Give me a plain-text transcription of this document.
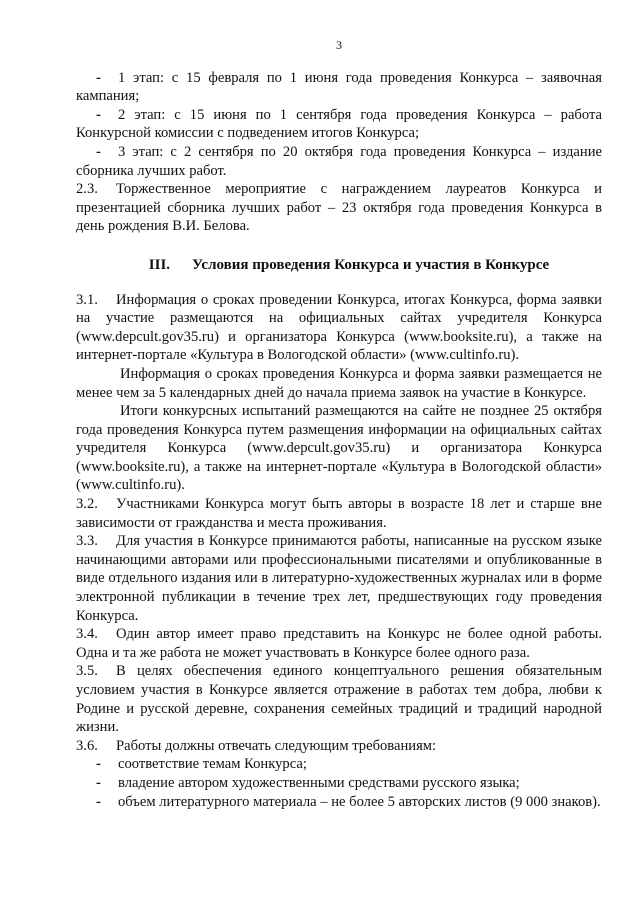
3

- 1 этап: с 15 февраля по 1 июня года проведения Конкурса – заявочная кампания;

- 2 этап: с 15 июня по 1 сентября года проведения Конкурса – работа Конкурсной комиссии с подведением итогов Конкурса;

- 3 этап: с 2 сентября по 20 октября года проведения Конкурса – издание сборника лучших работ.

2.3. Торжественное мероприятие с награждением лауреатов Конкурса и презентацией сборника лучших работ – 23 октября года проведения Конкурса в день рождения В.И. Белова.

III. Условия проведения Конкурса и участия в Конкурсе

3.1. Информация о сроках проведении Конкурса, итогах Конкурса, форма заявки на участие размещаются на официальных сайтах учредителя Конкурса (www.depcult.gov35.ru) и организатора Конкурса (www.booksite.ru), а также на интернет-портале «Культура в Вологодской области» (www.cultinfo.ru).

Информация о сроках проведения Конкурса и форма заявки размещается не менее чем за 5 календарных дней до начала приема заявок на участие в Конкурсе.

Итоги конкурсных испытаний размещаются на сайте не позднее 25 октября года проведения Конкурса путем размещения информации на официальных сайтах учредителя Конкурса (www.depcult.gov35.ru) и организатора Конкурса (www.booksite.ru), а также на интернет-портале «Культура в Вологодской области» (www.cultinfo.ru).

3.2. Участниками Конкурса могут быть авторы в возрасте 18 лет и старше вне зависимости от гражданства и места проживания.

3.3. Для участия в Конкурсе принимаются работы, написанные на русском языке начинающими авторами или профессиональными писателями и опубликованные в виде отдельного издания или в литературно-художественных журналах или в форме электронной публикации в течение трех лет, предшествующих году проведения Конкурса.

3.4. Один автор имеет право представить на Конкурс не более одной работы. Одна и та же работа не может участвовать в Конкурсе более одного раза.

3.5. В целях обеспечения единого концептуального решения обязательным условием участия в Конкурсе является отражение в работах тем добра, любви к Родине и русской деревне, сохранения семейных традиций и традиций народной жизни.

3.6. Работы должны отвечать следующим требованиям:

- соответствие темам Конкурса;

- владение автором художественными средствами русского языка;

- объем литературного материала – не более 5 авторских листов (9 000 знаков).
